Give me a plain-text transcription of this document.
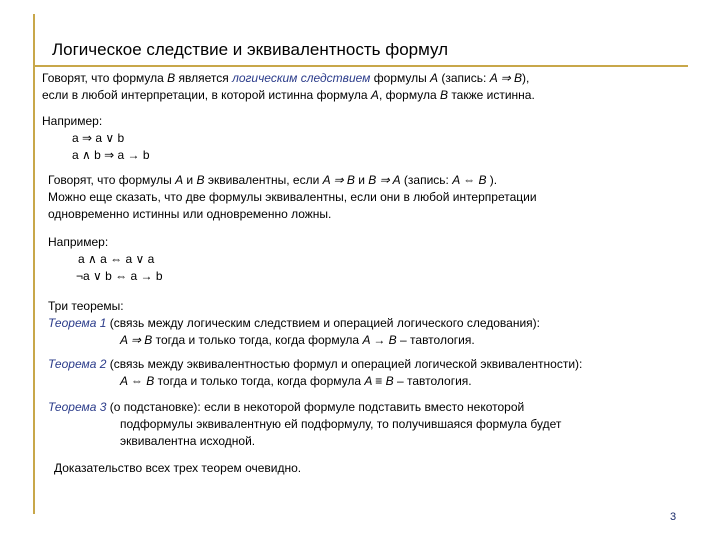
Логическое следствие и эквивалентность формул
Говорят, что формула B является логическим следствием формулы A (запись: A ⇒ B),
если в любой интерпретации, в которой истинна формула A, формула B также истинна.
Например:
a ⇒ a ∨ b
a ∧ b ⇒ a → b
Говорят, что формулы A и B эквивалентны, если A ⇒ B и B ⇒ A (запись: A ⇔ B ).
Можно еще сказать, что две формулы эквивалентны, если они в любой интерпретации
одновременно истинны или одновременно ложны.
Например:
a ∧ a ⇔ a ∨ a
¬a ∨ b ⇔ a → b
Три теоремы:
Теорема 1 (связь между логическим следствием и операцией логического следования):
A ⇒ B тогда и только тогда, когда формула A → B – тавтология.
Теорема 2 (связь между эквивалентностью формул и операцией логической эквивалентности):
A ⇔ B тогда и только тогда, когда формула A ≡ B – тавтология.
Теорема 3 (о подстановке): если в некоторой формуле подставить вместо некоторой
подформулы эквивалентную ей подформулу, то получившаяся формула будет
эквивалентна исходной.
Доказательство всех трех теорем очевидно.
3
